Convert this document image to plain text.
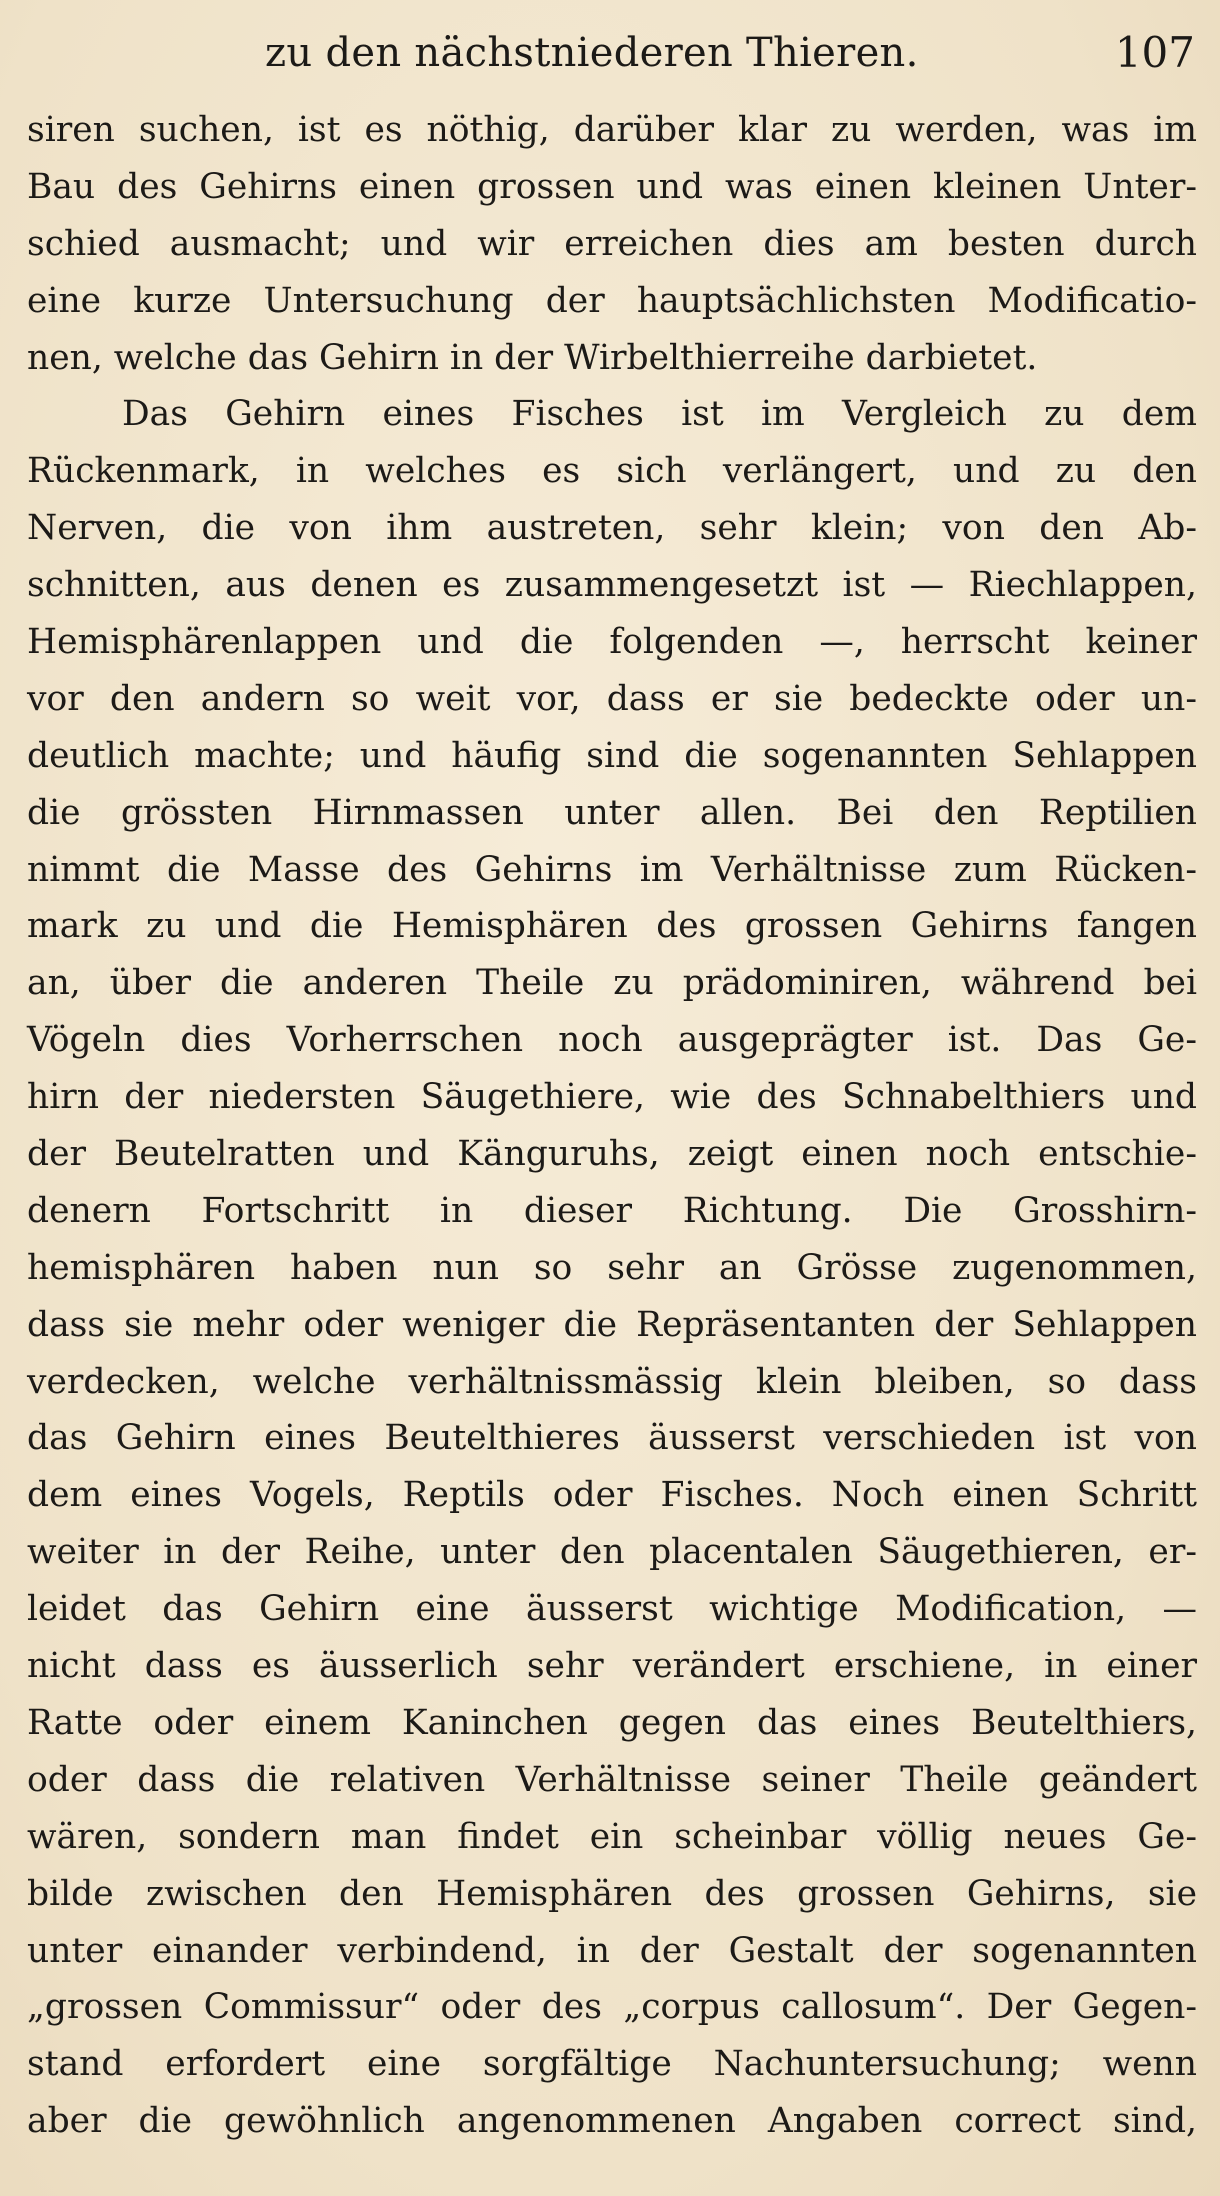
zu den nächstniederen Thieren.	107
siren suchen, ist es nöthig, darüber klar zu werden, was im
Bau des Gehirns einen grossen und was einen kleinen Unter-
schied ausmacht; und wir erreichen dies am besten durch
eine kurze Untersuchung der hauptsächlichsten Modificatio-
nen, welche das Gehirn in der Wirbelthierreihe darbietet.
Das Gehirn eines Fisches ist im Vergleich zu dem
Rückenmark, in welches es sich verlängert, und zu den
Nerven, die von ihm austreten, sehr klein; von den Ab-
schnitten, aus denen es zusammengesetzt ist — Riechlappen,
Hemisphärenlappen und die folgenden —, herrscht keiner
vor den andern so weit vor, dass er sie bedeckte oder un-
deutlich machte; und häufig sind die sogenannten Sehlappen
die grössten Hirnmassen unter allen. Bei den Reptilien
nimmt die Masse des Gehirns im Verhältnisse zum Rücken-
mark zu und die Hemisphären des grossen Gehirns fangen
an, über die anderen Theile zu prädominiren, während bei
Vögeln dies Vorherrschen noch ausgeprägter ist. Das Ge-
hirn der niedersten Säugethiere, wie des Schnabelthiers und
der Beutelratten und Känguruhs, zeigt einen noch entschie-
denern Fortschritt in dieser Richtung. Die Grosshirn-
hemisphären haben nun so sehr an Grösse zugenommen,
dass sie mehr oder weniger die Repräsentanten der Sehlappen
verdecken, welche verhältnissmässig klein bleiben, so dass
das Gehirn eines Beutelthieres äusserst verschieden ist von
dem eines Vogels, Reptils oder Fisches. Noch einen Schritt
weiter in der Reihe, unter den placentalen Säugethieren, er-
leidet das Gehirn eine äusserst wichtige Modification, —
nicht dass es äusserlich sehr verändert erschiene, in einer
Ratte oder einem Kaninchen gegen das eines Beutelthiers,
oder dass die relativen Verhältnisse seiner Theile geändert
wären, sondern man findet ein scheinbar völlig neues Ge-
bilde zwischen den Hemisphären des grossen Gehirns, sie
unter einander verbindend, in der Gestalt der sogenannten
„grossen Commissur“ oder des „corpus callosum“. Der Gegen-
stand erfordert eine sorgfältige Nachuntersuchung; wenn
aber die gewöhnlich angenommenen Angaben correct sind,
